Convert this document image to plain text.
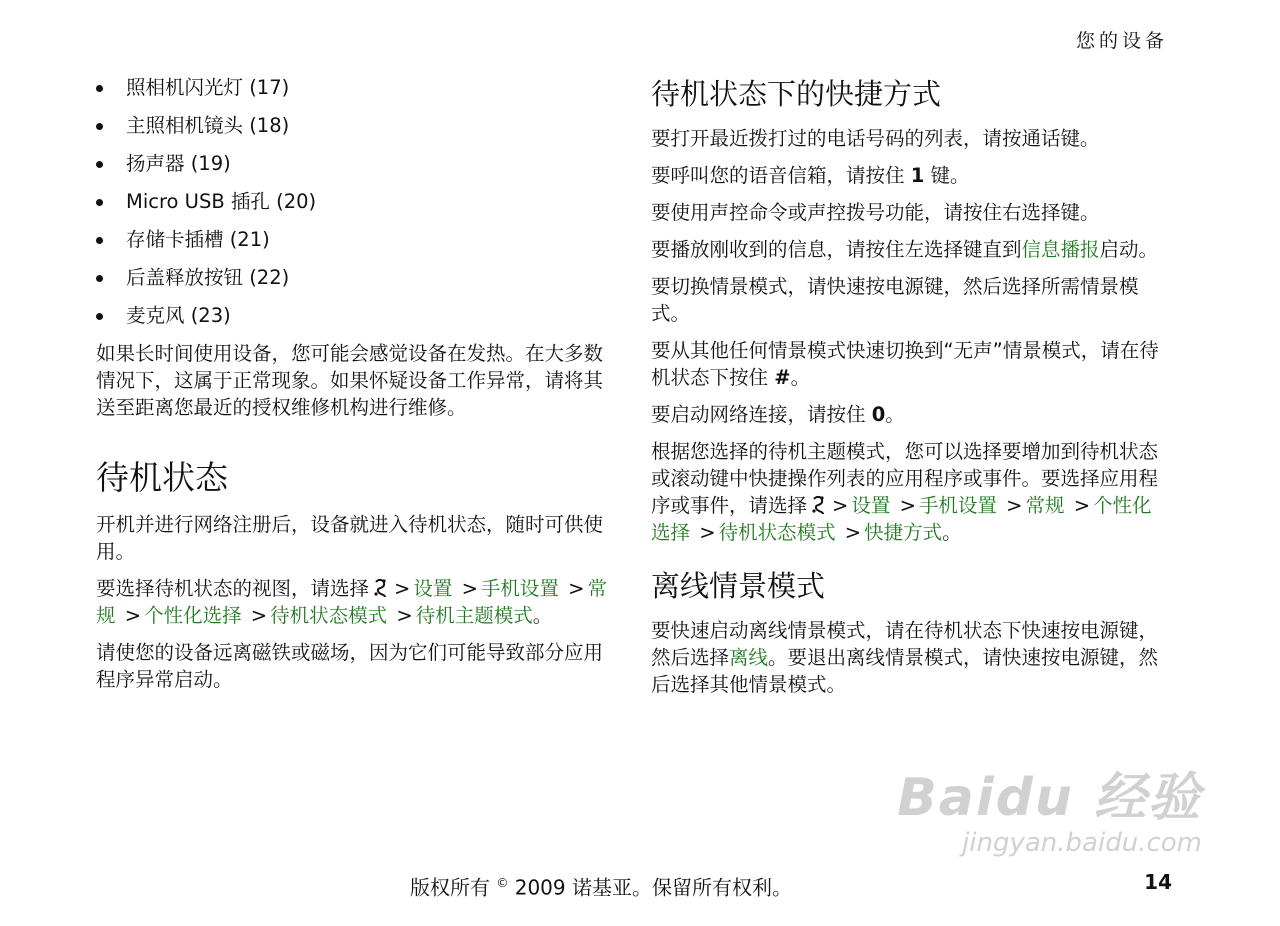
您的设备
照相机闪光灯 (17)
主照相机镜头 (18)
扬声器 (19)
Micro USB 插孔 (20)
存储卡插槽 (21)
后盖释放按钮 (22)
麦克风 (23)

如果长时间使用设备，您可能会感觉设备在发热。在大多数情况下，这属于正常现象。如果怀疑设备工作异常，请将其送至距离您最近的授权维修机构进行维修。

待机状态

开机并进行网络注册后，设备就进入待机状态，随时可供使用。

要选择待机状态的视图，请选择 > 设置 > 手机设置 > 常规 > 个性化选择 > 待机状态模式 > 待机主题模式。

请使您的设备远离磁铁或磁场，因为它们可能导致部分应用程序异常启动。

待机状态下的快捷方式

要打开最近拨打过的电话号码的列表，请按通话键。

要呼叫您的语音信箱，请按住 1 键。

要使用声控命令或声控拨号功能，请按住右选择键。

要播放刚收到的信息，请按住左选择键直到信息播报启动。

要切换情景模式，请快速按电源键，然后选择所需情景模式。

要从其他任何情景模式快速切换到“无声”情景模式，请在待机状态下按住 #。

要启动网络连接，请按住 0。

根据您选择的待机主题模式，您可以选择要增加到待机状态或滚动键中快捷操作列表的应用程序或事件。要选择应用程序或事件，请选择 > 设置 > 手机设置 > 常规 > 个性化选择 > 待机状态模式 > 快捷方式。

离线情景模式

要快速启动离线情景模式，请在待机状态下快速按电源键，然后选择离线。要退出离线情景模式，请快速按电源键，然后选择其他情景模式。

Baidu 经验
jingyan.baidu.com
版权所有 © 2009 诺基亚。保留所有权利。	14
